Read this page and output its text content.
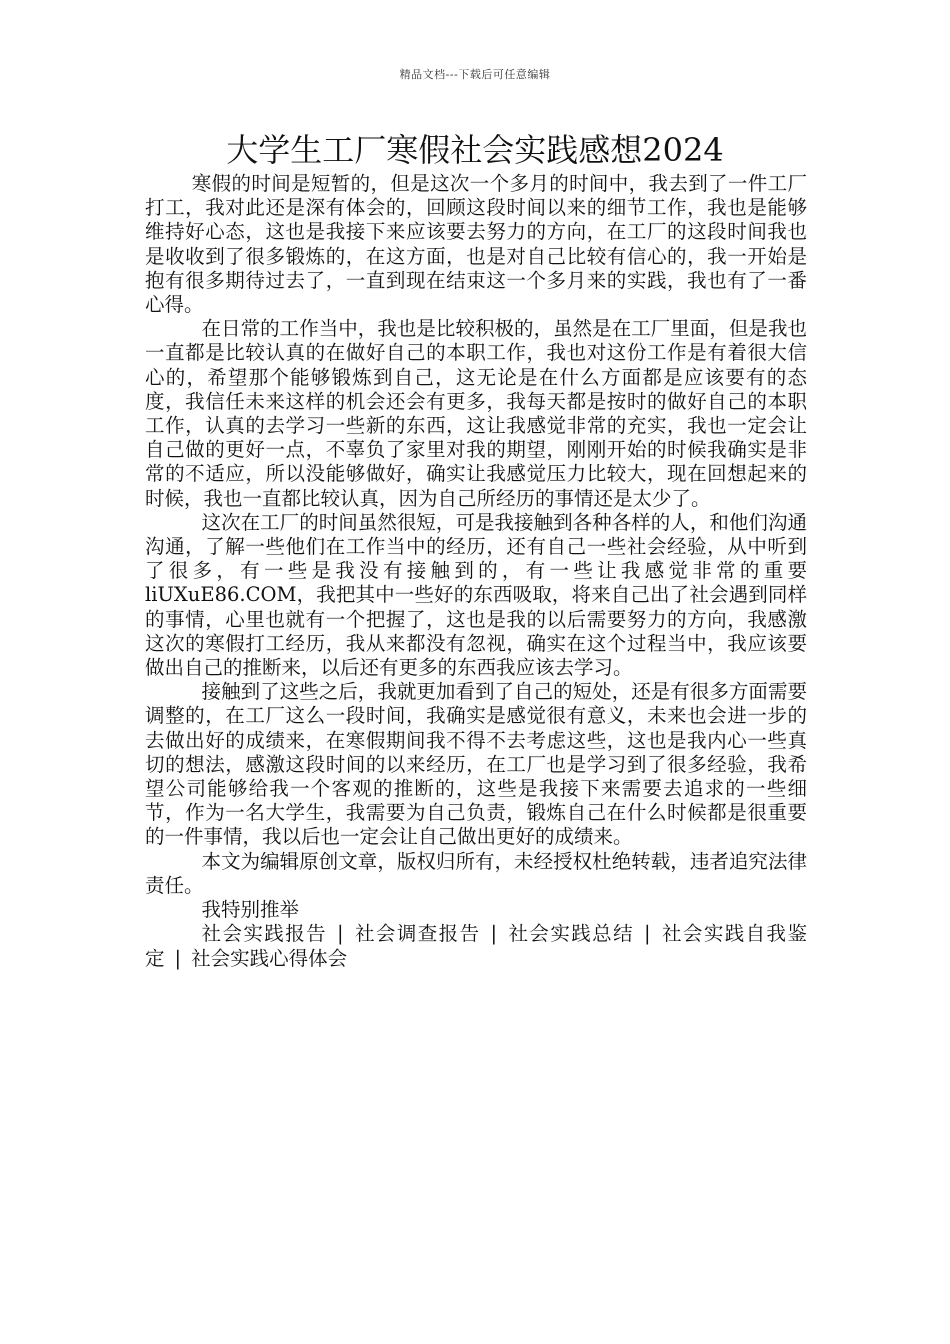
精品文档---下载后可任意编辑
大学生工厂寒假社会实践感想2024

寒假的时间是短暂的，但是这次一个多月的时间中，我去到了一件工厂打工，我对此还是深有体会的，回顾这段时间以来的细节工作，我也是能够维持好心态，这也是我接下来应该要去努力的方向，在工厂的这段时间我也是收收到了很多锻炼的，在这方面，也是对自己比较有信心的，我一开始是抱有很多期待过去了，一直到现在结束这一个多月来的实践，我也有了一番心得。

在日常的工作当中，我也是比较积极的，虽然是在工厂里面，但是我也一直都是比较认真的在做好自己的本职工作，我也对这份工作是有着很大信心的，希望那个能够锻炼到自己，这无论是在什么方面都是应该要有的态度，我信任未来这样的机会还会有更多，我每天都是按时的做好自己的本职工作，认真的去学习一些新的东西，这让我感觉非常的充实，我也一定会让自己做的更好一点，不辜负了家里对我的期望，刚刚开始的时候我确实是非常的不适应，所以没能够做好，确实让我感觉压力比较大，现在回想起来的时候，我也一直都比较认真，因为自己所经历的事情还是太少了。

这次在工厂的时间虽然很短，可是我接触到各种各样的人，和他们沟通沟通，了解一些他们在工作当中的经历，还有自己一些社会经验，从中听到了很多，有一些是我没有接触到的，有一些让我感觉非常的重要liUXuE86.COM，我把其中一些好的东西吸取，将来自己出了社会遇到同样的事情，心里也就有一个把握了，这也是我的以后需要努力的方向，我感激这次的寒假打工经历，我从来都没有忽视，确实在这个过程当中，我应该要做出自己的推断来，以后还有更多的东西我应该去学习。

接触到了这些之后，我就更加看到了自己的短处，还是有很多方面需要调整的，在工厂这么一段时间，我确实是感觉很有意义，未来也会进一步的去做出好的成绩来，在寒假期间我不得不去考虑这些，这也是我内心一些真切的想法，感激这段时间的以来经历，在工厂也是学习到了很多经验，我希望公司能够给我一个客观的推断的，这些是我接下来需要去追求的一些细节，作为一名大学生，我需要为自己负责，锻炼自己在什么时候都是很重要的一件事情，我以后也一定会让自己做出更好的成绩来。

本文为编辑原创文章，版权归所有，未经授权杜绝转载，违者追究法律责任。

我特别推举

社会实践报告 | 社会调查报告 | 社会实践总结 | 社会实践自我鉴定 | 社会实践心得体会
